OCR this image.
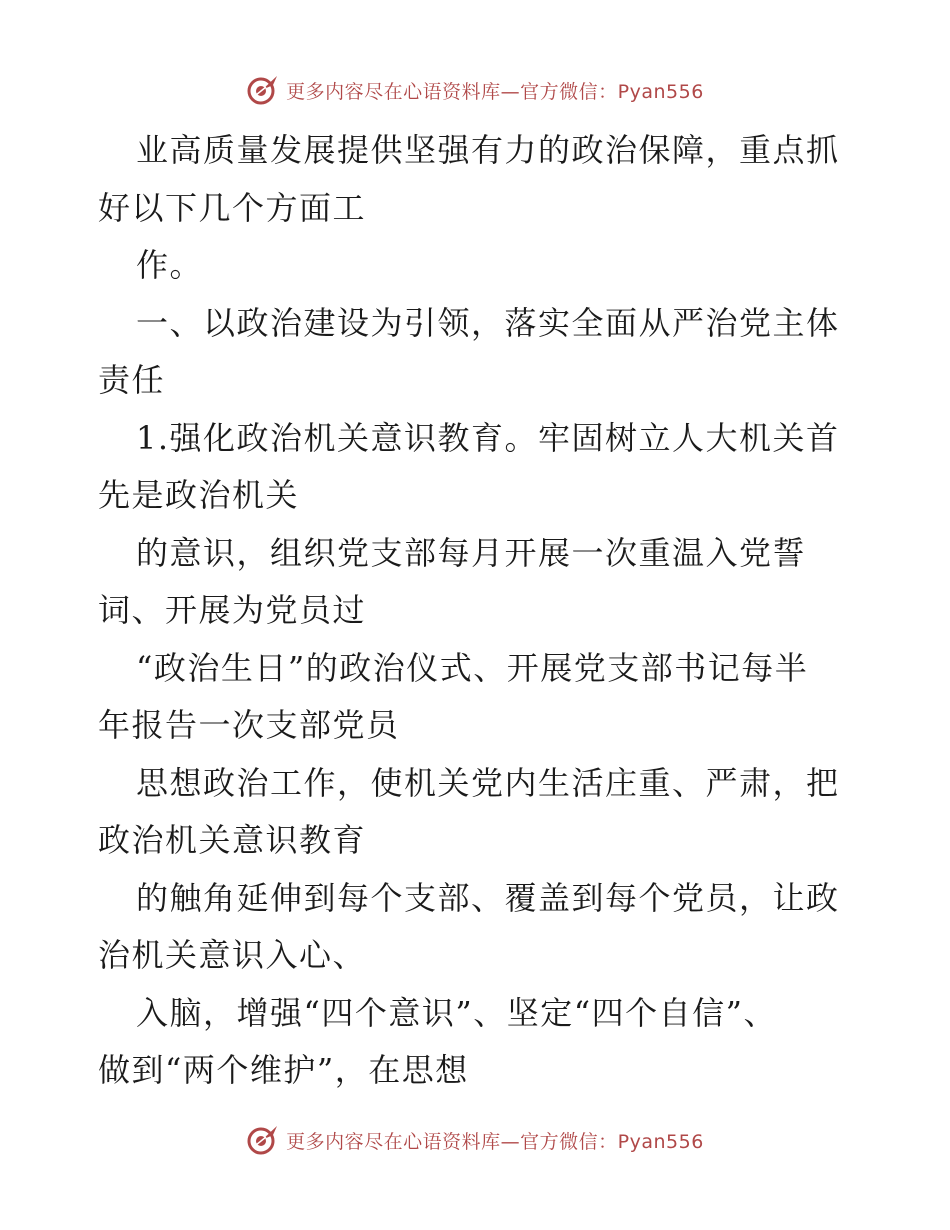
更多内容尽在心语资料库—官方微信：Pyan556
业高质量发展提供坚强有力的政治保障，重点抓
好以下几个方面工
作。
一、以政治建设为引领，落实全面从严治党主体
责任
1.强化政治机关意识教育。牢固树立人大机关首
先是政治机关
的意识，组织党支部每月开展一次重温入党誓
词、开展为党员过
“政治生日”的政治仪式、开展党支部书记每半
年报告一次支部党员
思想政治工作，使机关党内生活庄重、严肃，把
政治机关意识教育
的触角延伸到每个支部、覆盖到每个党员，让政
治机关意识入心、
入脑，增强“四个意识”、坚定“四个自信”、
做到“两个维护”，在思想
更多内容尽在心语资料库—官方微信：Pyan556
